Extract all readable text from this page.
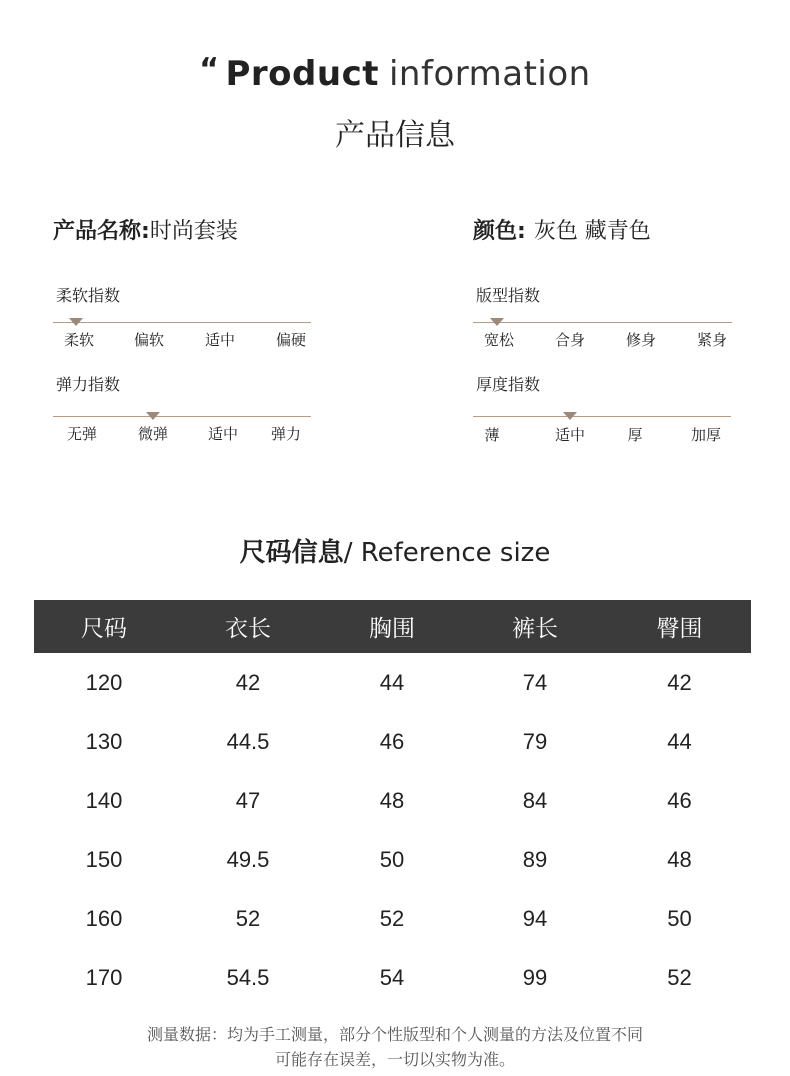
“ Product information
产品信息
产品名称:时尚套装	颜色: 灰色 藏青色
柔软指数
柔软	偏软	适中	偏硬
弹力指数
无弹	微弹	适中	弹力
版型指数
宽松	合身	修身	紧身
厚度指数
薄	适中	厚	加厚
尺码信息/ Reference size
尺码	衣长	胸围	裤长	臀围
120	42	44	74	42
130	44.5	46	79	44
140	47	48	84	46
150	49.5	50	89	48
160	52	52	94	50
170	54.5	54	99	52
测量数据：均为手工测量，部分个性版型和个人测量的方法及位置不同
可能存在误差，一切以实物为准。
